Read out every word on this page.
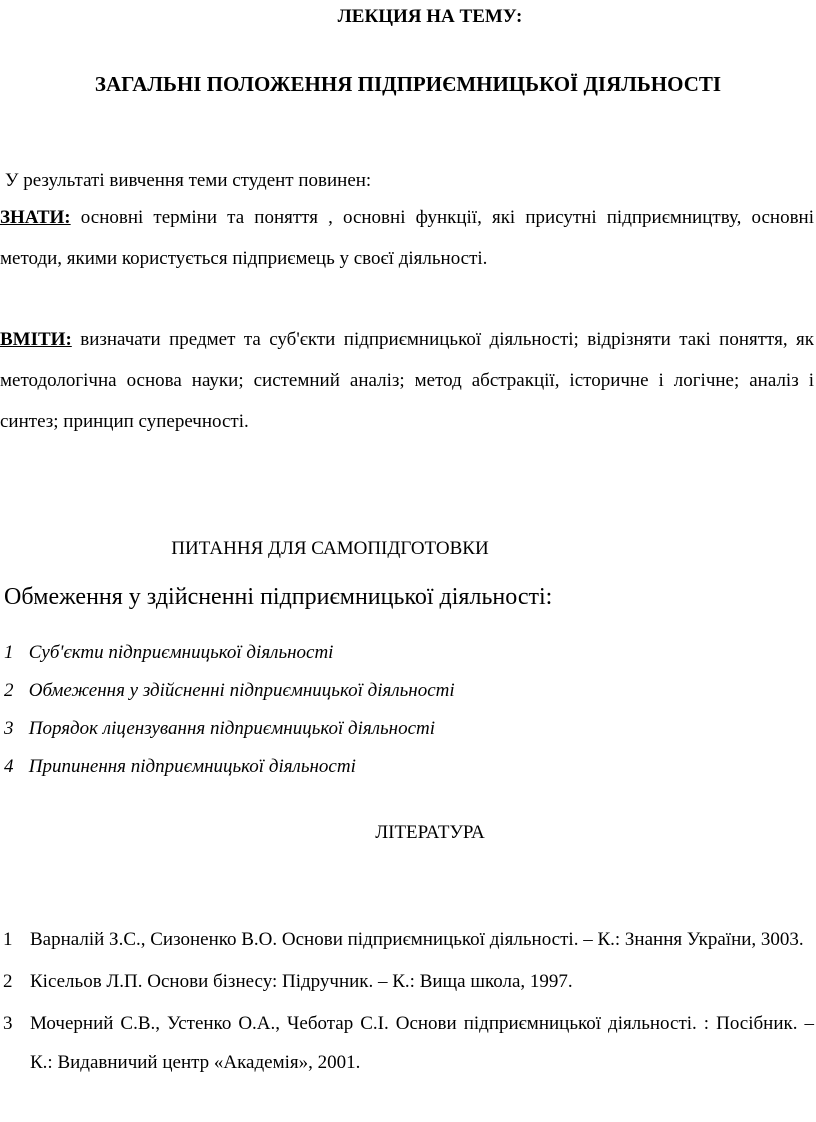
ЛЕКЦИЯ НА ТЕМУ:
ЗАГАЛЬНІ ПОЛОЖЕННЯ ПІДПРИЄМНИЦЬКОЇ ДІЯЛЬНОСТІ
У результаті вивчення теми студент повинен:
ЗНАТИ: основні терміни та поняття , основні функції, які присутні підприємництву, основні методи, якими користується підприємець у своєї діяльності.
ВМІТИ: визначати предмет та суб'єкти підприємницької діяльності; відрізняти такі поняття, як методологічна основа науки; системний аналіз; метод абстракції, історичне і логічне; аналіз і синтез; принцип суперечності.
ПИТАННЯ ДЛЯ САМОПІДГОТОВКИ
Обмеження у здійсненні підприємницької діяльності:
1 Суб'єкти підприємницької діяльності
2 Обмеження у здійсненні підприємницької діяльності
3 Порядок ліцензування підприємницької діяльності
4 Припинення підприємницької діяльності
ЛІТЕРАТУРА
1 Варналій З.С., Сизоненко В.О. Основи підприємницької діяльності. – К.: Знання України, 3003.
2 Кісельов Л.П. Основи бізнесу: Підручник. – К.: Вища школа, 1997.
3 Мочерний С.В., Устенко О.А., Чеботар С.І. Основи підприємницької діяльності. : Посібник. – К.: Видавничий центр «Академія», 2001.
